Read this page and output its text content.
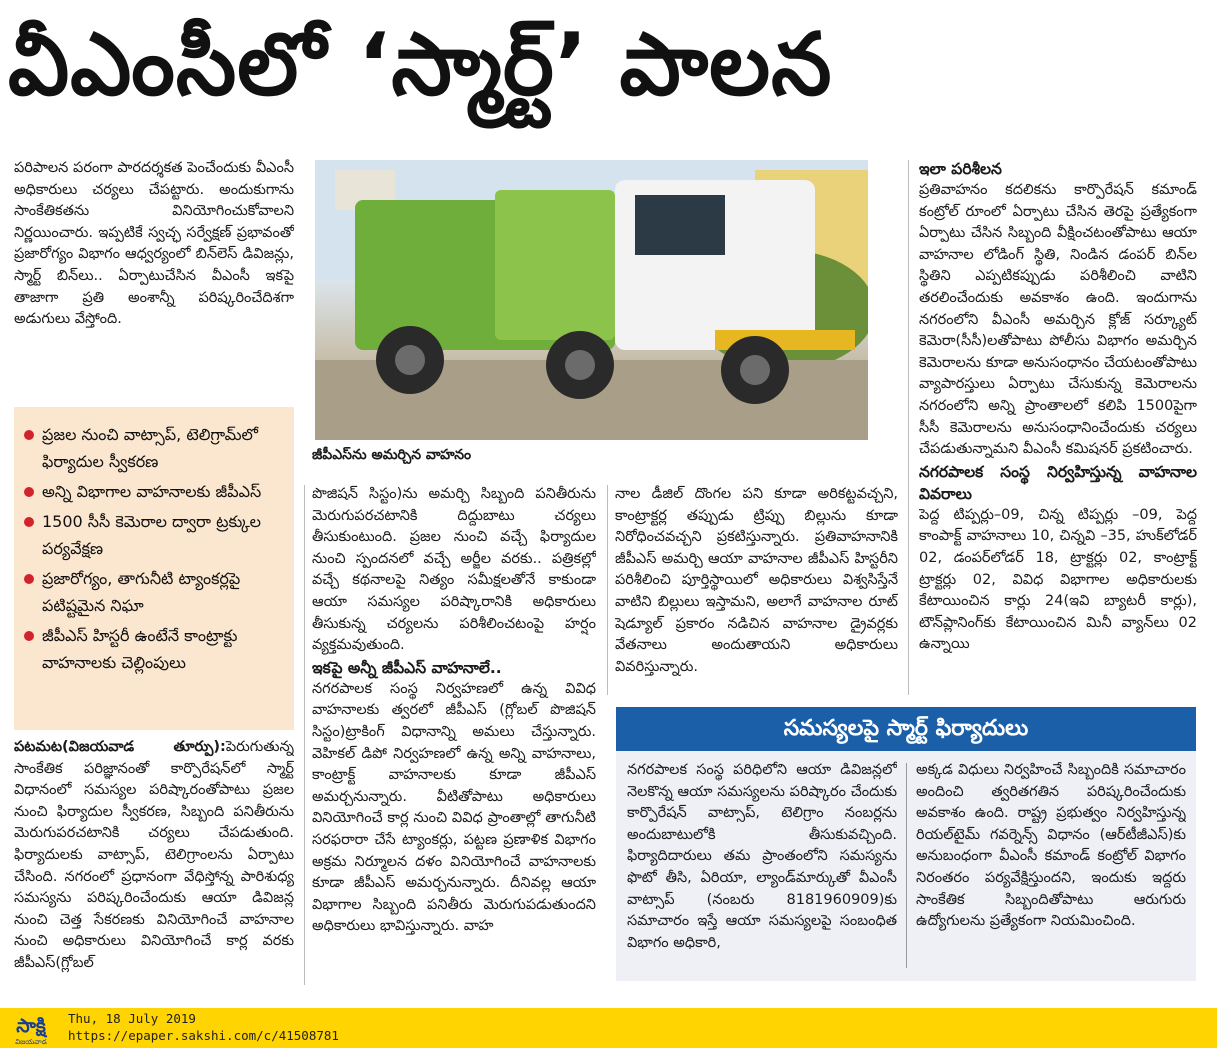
వీఎంసీలో ‘స్మార్ట్’ పాలన

పరిపాలన పరంగా పారదర్శకత పెంచేందుకు వీఎంసీ అధికారులు చర్యలు చేపట్టారు. అందుకుగాను సాంకేతికతను వినియోగించుకోవాలని నిర్ణయించారు. ఇప్పటికే స్వచ్ఛ సర్వేక్షణ్ ప్రభావంతో ప్రజారోగ్యం విభాగం ఆధ్వర్యంలో బిన్‌లెస్ డివిజన్లు, స్మార్ట్ బిన్‌లు.. ఏర్పాటుచేసిన వీఎంసీ ఇకపై తాజాగా ప్రతి అంశాన్నీ పరిష్కరించేదిశగా అడుగులు వేస్తోంది.

ప్రజల నుంచి వాట్సాప్, టెలిగ్రామ్‌లో ఫిర్యాదుల స్వీకరణ
అన్ని విభాగాల వాహనాలకు జీపీఎస్
1500 సీసీ కెమెరాల ద్వారా ట్రక్కుల పర్యవేక్షణ
ప్రజారోగ్యం, తాగునీటి ట్యాంకర్లపై పటిష్టమైన నిఘా
జీపీఎస్ హిస్టరీ ఉంటేనే కాంట్రాక్టు వాహనాలకు చెల్లింపులు

పటమట(విజయవాడ తూర్పు):పెరుగుతున్న సాంకేతిక పరిజ్ఞానంతో కార్పొరేషన్‌లో స్మార్ట్ విధానంలో సమస్యల పరిష్కారంతోపాటు ప్రజల నుంచి ఫిర్యాదుల స్వీకరణ, సిబ్బంది పనితీరును మెరుగుపరచటానికి చర్యలు చేపడుతుంది. ఫిర్యాదులకు వాట్సాప్, టెలిగ్రాంలను ఏర్పాటు చేసింది. నగరంలో ప్రధానంగా వేధిస్తోన్న పారిశుధ్య సమస్యను పరిష్కరించేందుకు ఆయా డివిజన్ల నుంచి చెత్త సేకరణకు వినియోగించే వాహనాల నుంచి అధికారులు వినియోగించే కార్ల వరకు జీపీఎస్(గ్లోబల్

జీపీఎస్‌ను అమర్చిన వాహనం

పొజిషన్ సిస్టం)ను అమర్చి సిబ్బంది పనితీరును మెరుగుపరచటానికి దిద్దుబాటు చర్యలు తీసుకుంటుంది. ప్రజల నుంచి వచ్చే ఫిర్యాదుల నుంచి స్పందనలో వచ్చే అర్జీల వరకు.. పత్రికల్లో వచ్చే కథనాలపై నిత్యం సమీక్షలతోనే కాకుండా ఆయా సమస్యల పరిష్కారానికి అధికారులు తీసుకున్న చర్యలను పరిశీలించటంపై హర్షం వ్యక్తమవుతుంది.

ఇకపై అన్నీ జీపీఎస్ వాహనాలే..

నగరపాలక సంస్థ నిర్వహణలో ఉన్న వివిధ వాహనాలకు త్వరలో జీపీఎస్ (గ్లోబల్ పొజిషన్ సిస్టం)ట్రాకింగ్ విధానాన్ని అమలు చేస్తున్నారు. వెహికల్ డిపో నిర్వహణలో ఉన్న అన్ని వాహనాలు, కాంట్రాక్ట్ వాహనాలకు కూడా జీపీఎస్ అమర్చనున్నారు. వీటితోపాటు అధికారులు వినియోగించే కార్ల నుంచి వివిధ ప్రాంతాల్లో తాగునీటి సరఫరారా చేసే ట్యాంకర్లు, పట్టణ ప్రణాళిక విభాగం అక్రమ నిర్మూలన దళం వినియోగించే వాహనాలకు కూడా జీపీఎస్ అమర్చనున్నారు. దీనివల్ల ఆయా విభాగాల సిబ్బంది పనితీరు మెరుగుపడుతుందని అధికారులు భావిస్తున్నారు. వాహ

నాల డీజిల్ దొంగల పని కూడా అరికట్టవచ్చని, కాంట్రాక్టర్ల తప్పుడు ట్రిప్పు బిల్లును కూడా నిరోధించవచ్చని ప్రకటిస్తున్నారు. ప్రతివాహనానికి జీపీఎస్ అమర్చి ఆయా వాహనాల జీపీఎస్ హిస్టరీని పరిశీలించి పూర్తిస్థాయిలో అధికారులు విశ్వసిస్తేనే వాటిని బిల్లులు ఇస్తామని, అలాగే వాహనాల రూట్ షెడ్యూల్ ప్రకారం నడిచిన వాహనాల డ్రైవర్లకు వేతనాలు అందుతాయని అధికారులు వివరిస్తున్నారు.

ఇలా పరిశీలన

ప్రతివాహనం కదలికను కార్పొరేషన్ కమాండ్ కంట్రోల్ రూంలో ఏర్పాటు చేసిన తెరపై ప్రత్యేకంగా ఏర్పాటు చేసిన సిబ్బంది వీక్షించటంతోపాటు ఆయా వాహనాల లోడింగ్ స్థితి, నిండిన డంపర్ బిన్‌ల స్థితిని ఎప్పటికప్పుడు పరిశీలించి వాటిని తరలించేందుకు అవకాశం ఉంది. ఇందుగాను నగరంలోని వీఎంసీ అమర్చిన క్లోజ్ సర్క్యూట్ కెమెరా(సీసీ)లతోపాటు పోలీసు విభాగం అమర్చిన కెమెరాలను కూడా అనుసంధానం చేయటంతోపాటు వ్యాపారస్తులు ఏర్పాటు చేసుకున్న కెమెరాలను నగరంలోని అన్ని ప్రాంతాలలో కలిపి 1500పైగా సీసీ కెమెరాలను అనుసంధానించేందుకు చర్యలు చేపడుతున్నామని వీఎంసీ కమిషనర్ ప్రకటించారు.

నగరపాలక సంస్థ నిర్వహిస్తున్న వాహనాల వివరాలు

పెద్ద టిప్పర్లు–09, చిన్న టిప్పర్లు –09, పెద్ద కాంపాక్ట్ వాహనాలు 10, చిన్నవి –35, హుక్‌లోడర్ 02, డంపర్‌లోడర్ 18, ట్రాక్టర్లు 02, కాంట్రాక్ట్ ట్రాక్టర్లు 02, వివిధ విభాగాల అధికారులకు కేటాయించిన కార్లు 24(ఇవి బ్యాటరీ కార్లు), టౌన్‌ప్లానింగ్‌కు కేటాయించిన మినీ వ్యాన్‌లు 02 ఉన్నాయి

సమస్యలపై స్మార్ట్ ఫిర్యాదులు

నగరపాలక సంస్థ పరిధిలోని ఆయా డివిజన్లలో నెలకొన్న ఆయా సమస్యలను పరిష్కారం చేందుకు కార్పొరేషన్ వాట్సాప్, టెలిగ్రాం నంబర్లను అందుబాటులోకి తీసుకువచ్చింది. ఫిర్యాదిదారులు తమ ప్రాంతంలోని సమస్యను ఫొటో తీసి, ఏరియా, ల్యాండ్‌మార్కుతో వీఎంసీ వాట్సాప్ (నంబరు 8181960909)కు సమాచారం ఇస్తే ఆయా సమస్యలపై సంబంధిత విభాగం అధికారి,

అక్కడ విధులు నిర్వహించే సిబ్బందికి సమాచారం అందించి త్వరితగతిన పరిష్కరించేందుకు అవకాశం ఉంది. రాష్ట్ర ప్రభుత్వం నిర్వహిస్తున్న రియల్‌టైమ్ గవర్నెన్స్ విధానం (ఆర్‌టీజీఎస్)కు అనుబంధంగా వీఎంసీ కమాండ్ కంట్రోల్ విభాగం నిరంతరం పర్యవేక్షిస్తుందని, ఇందుకు ఇద్దరు సాంకేతిక సిబ్బందితోపాటు ఆరుగురు ఉద్యోగులను ప్రత్యేకంగా నియమించింది.

సాక్షి
విజయవాడ
Thu, 18 July 2019
https://epaper.sakshi.com/c/41508781
